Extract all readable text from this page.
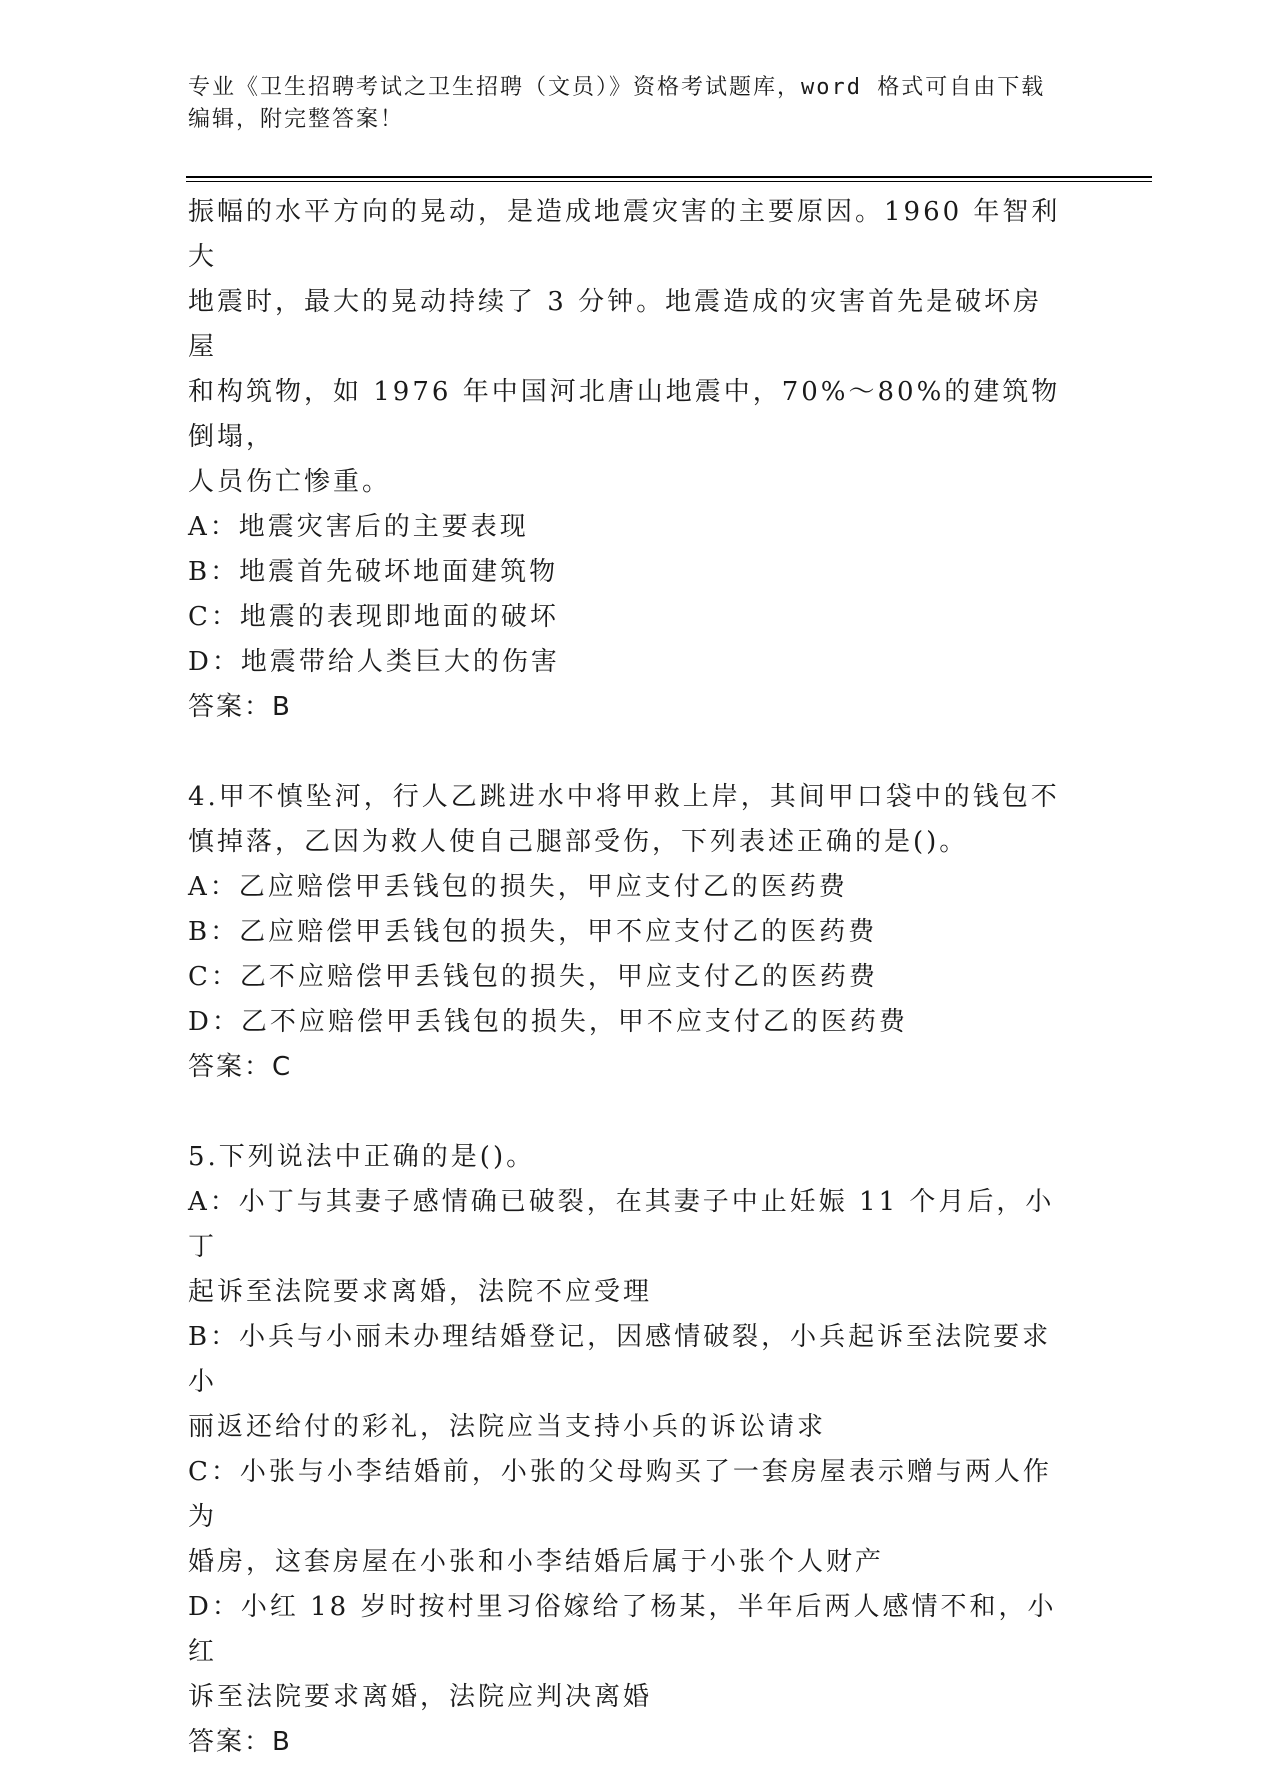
专业《卫生招聘考试之卫生招聘（文员）》资格考试题库，word 格式可自由下载
编辑，附完整答案！

振幅的水平方向的晃动，是造成地震灾害的主要原因。1960 年智利大

地震时，最大的晃动持续了 3 分钟。地震造成的灾害首先是破坏房屋

和构筑物，如 1976 年中国河北唐山地震中，70%～80%的建筑物倒塌，

人员伤亡惨重。

A：地震灾害后的主要表现

B：地震首先破坏地面建筑物

C：地震的表现即地面的破坏

D：地震带给人类巨大的伤害

答案：B

4.甲不慎坠河，行人乙跳进水中将甲救上岸，其间甲口袋中的钱包不

慎掉落，乙因为救人使自己腿部受伤，下列表述正确的是()。

A：乙应赔偿甲丢钱包的损失，甲应支付乙的医药费

B：乙应赔偿甲丢钱包的损失，甲不应支付乙的医药费

C：乙不应赔偿甲丢钱包的损失，甲应支付乙的医药费

D：乙不应赔偿甲丢钱包的损失，甲不应支付乙的医药费

答案：C

5.下列说法中正确的是()。

A：小丁与其妻子感情确已破裂，在其妻子中止妊娠 11 个月后，小丁

起诉至法院要求离婚，法院不应受理

B：小兵与小丽未办理结婚登记，因感情破裂，小兵起诉至法院要求小

丽返还给付的彩礼，法院应当支持小兵的诉讼请求

C：小张与小李结婚前，小张的父母购买了一套房屋表示赠与两人作为

婚房，这套房屋在小张和小李结婚后属于小张个人财产

D：小红 18 岁时按村里习俗嫁给了杨某，半年后两人感情不和，小红

诉至法院要求离婚，法院应判决离婚

答案：B
